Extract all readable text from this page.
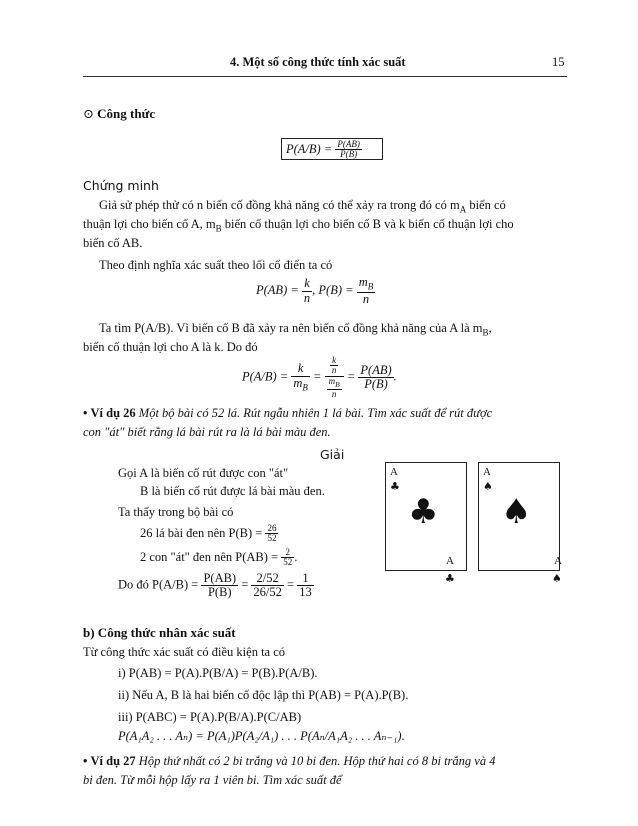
4. Một số công thức tính xác suất	15
⊙ Công thức
$P(A/B) = \frac{P(AB)}{P(B)}$
Chứng minh
Giả sử phép thử có n biến cố đồng khả năng có thể xảy ra trong đó có $m_A$ biến có
thuận lợi cho biến cố A, $m_B$ biến cố thuận lợi cho biến cố B và k biến cố thuận lợi cho
biến cố AB.
Theo định nghĩa xác suất theo lối cổ điển ta có
$P(AB) = \frac{k}{n}$ , $P(B) = \frac{m_B}{n}$
Ta tìm P(A/B). Vì biến cố B đã xảy ra nên biến cố đồng khả năng của A là $m_B$,
biến cố thuận lợi cho A là k. Do đó
$P(A/B) = \frac{k}{m_B} = \frac{\frac{k}{n}}{\frac{m_B}{n}} = \frac{P(AB)}{P(B)}$ .
• Ví dụ 26 Một bộ bài có 52 lá. Rút ngẫu nhiên 1 lá bài. Tìm xác suất để rút được
con "át" biết rằng lá bài rút ra là lá bài màu đen.
Giải
Gọi A là biến cố rút được con "át"
B là biến cố rút được lá bài màu đen.
Ta thấy trong bộ bài có
26 lá bài đen nên $P(B) = \frac{26}{52}$
2 con "át" đen nên $P(AB) = \frac{2}{52}$ .
Do đó $P(A/B) = \frac{P(AB)}{P(B)} = \frac{2/52}{26/52} = \frac{1}{13}$
A
♣
♣
A
♣
A
♠
♠
A
♠
b) Công thức nhân xác suất
Từ công thức xác suất có điều kiện ta có
i) P(AB) = P(A).P(B/A) = P(B).P(A/B).
ii) Nếu A, B là hai biến cố độc lập thì P(AB) = P(A).P(B).
iii) P(ABC) = P(A).P(B/A).P(C/AB)
P(A₁A₂ . . . Aₙ) = P(A₁)P(A₂/A₁) . . . P(Aₙ/A₁A₂ . . . Aₙ₋₁).
• Ví dụ 27 Hộp thứ nhất có 2 bi trắng và 10 bi đen. Hộp thứ hai có 8 bi trắng và 4
bi đen. Từ mỗi hộp lấy ra 1 viên bi. Tìm xác suất để
